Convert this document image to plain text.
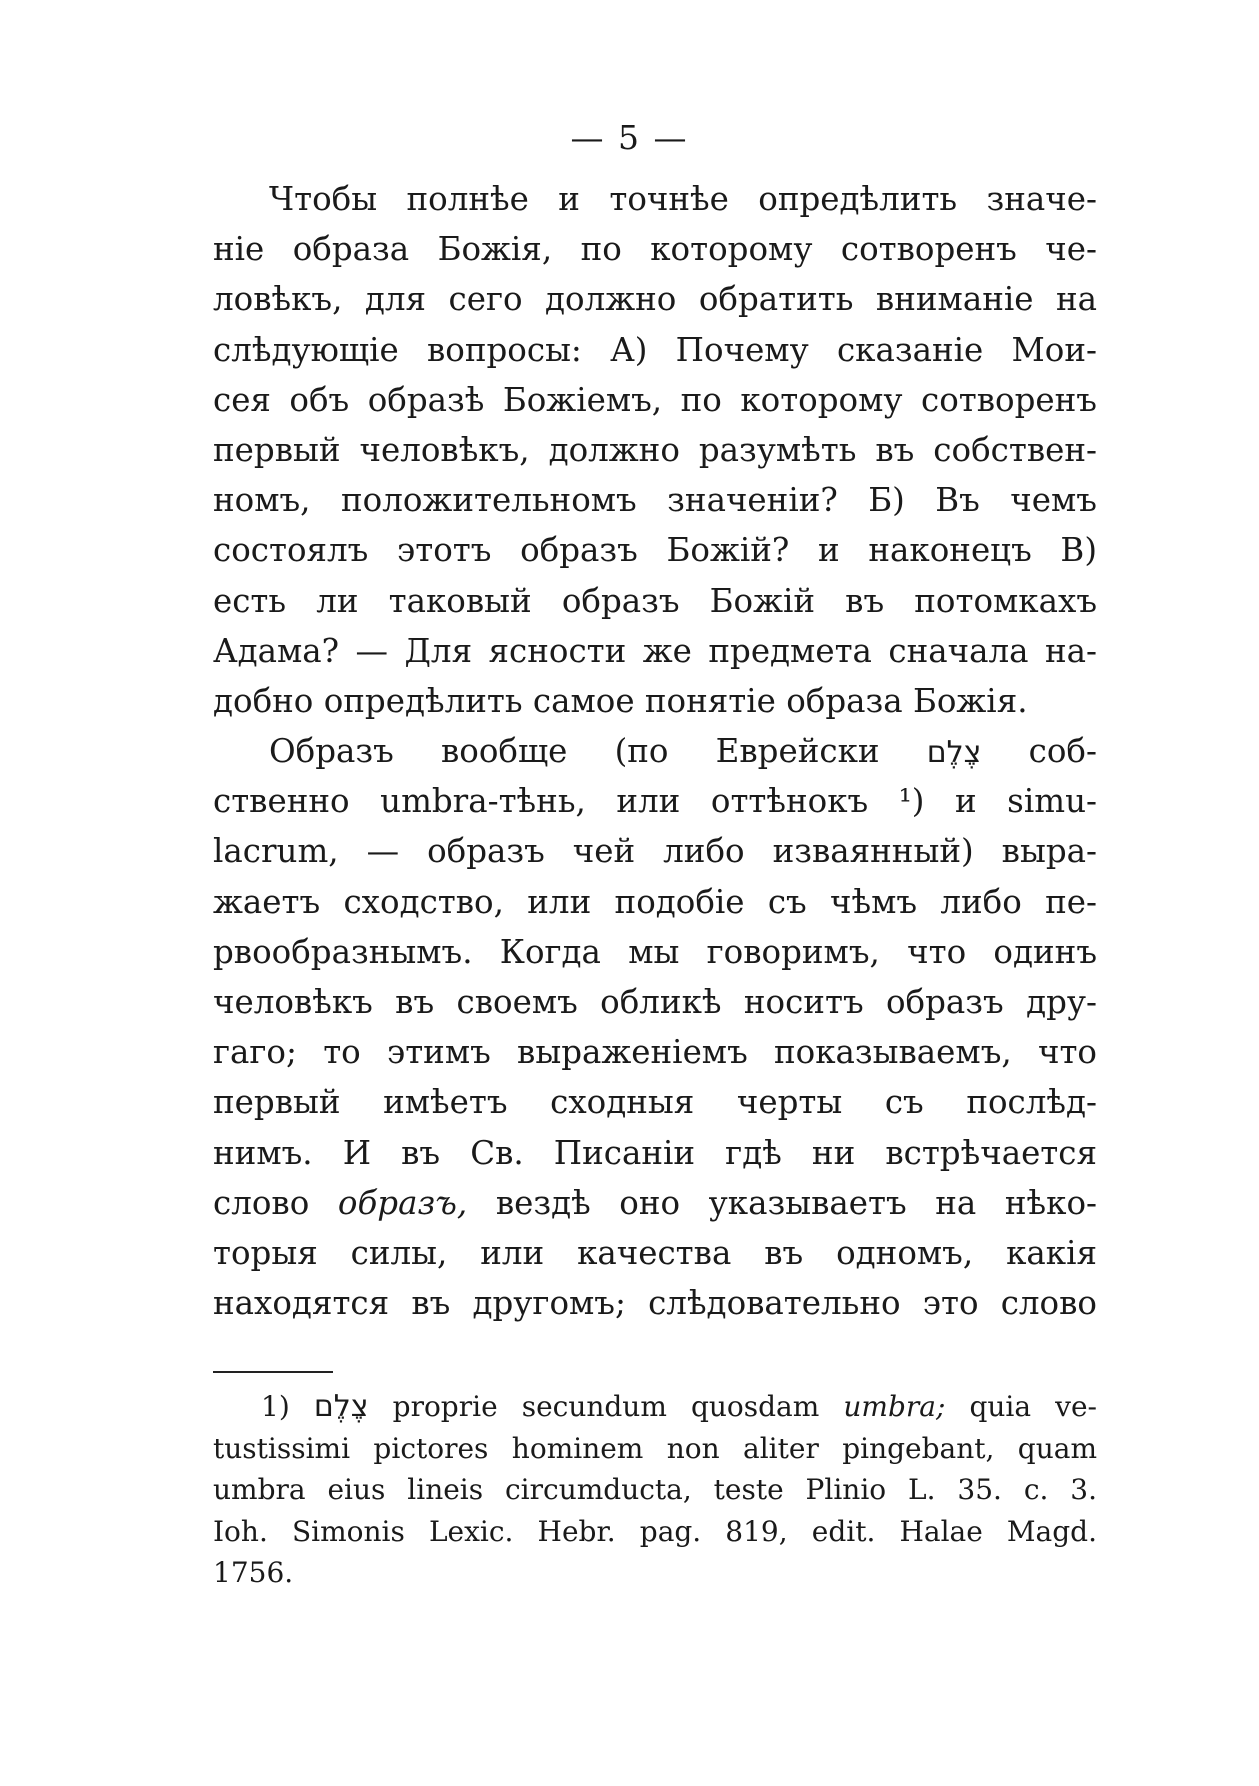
— 5 —
Чтобы полнѣе и точнѣе опредѣлить значе-
ніе образа Божія, по которому сотворенъ че-
ловѣкъ, для сего должно обратить вниманіе на
слѣдующіе вопросы: А) Почему сказаніе Мои-
сея объ образѣ Божіемъ, по которому сотворенъ
первый человѣкъ, должно разумѣть въ собствен-
номъ, положительномъ значеніи? Б) Въ чемъ
состоялъ этотъ образъ Божій? и наконецъ В)
есть ли таковый образъ Божій въ потомкахъ
Адама? — Для ясности же предмета сначала на-
добно опредѣлить самое понятіе образа Божія.
Образъ вообще (по Еврейски צֶלֶם соб-
ственно umbra-тѣнь, или оттѣнокъ ¹) и simu-
lacrum, — образъ чей либо изваянный) выра-
жаетъ сходство, или подобіе съ чѣмъ либо пе-
рвообразнымъ. Когда мы говоримъ, что одинъ
человѣкъ въ своемъ обликѣ носитъ образъ дру-
гаго; то этимъ выраженіемъ показываемъ, что
первый имѣетъ сходныя черты съ послѣд-
нимъ. И въ Св. Писаніи гдѣ ни встрѣчается
слово образъ, вездѣ оно указываетъ на нѣко-
торыя силы, или качества въ одномъ, какія
находятся въ другомъ; слѣдовательно это слово
1) צֶלֶם proprie secundum quosdam umbra; quia ve-
tustissimi pictores hominem non aliter pingebant, quam
umbra eius lineis circumducta, teste Plinio L. 35. c. 3.
Ioh. Simonis Lexic. Hebr. pag. 819, edit. Halae Magd.
1756.
